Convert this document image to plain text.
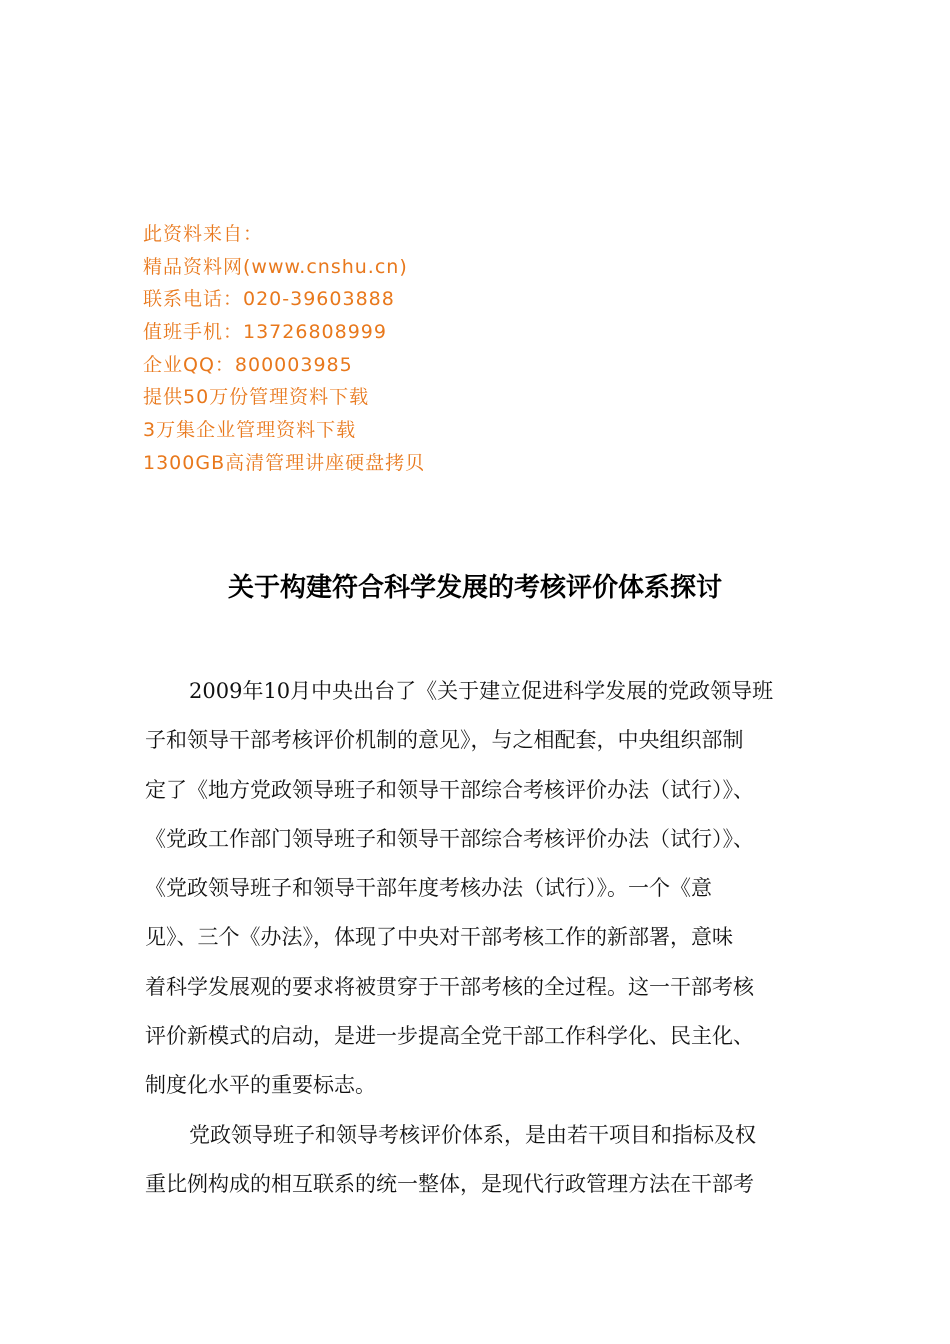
此资料来自：
精品资料网(www.cnshu.cn)
联系电话：020-39603888
值班手机：13726808999
企业QQ：800003985
提供50万份管理资料下载
3万集企业管理资料下载
1300GB高清管理讲座硬盘拷贝
关于构建符合科学发展的考核评价体系探讨

2009年10月中央出台了《关于建立促进科学发展的党政领导班
子和领导干部考核评价机制的意见》，与之相配套，中央组织部制
定了《地方党政领导班子和领导干部综合考核评价办法（试行）》、
《党政工作部门领导班子和领导干部综合考核评价办法（试行）》、
《党政领导班子和领导干部年度考核办法（试行）》。一个《意
见》、三个《办法》，体现了中央对干部考核工作的新部署，意味
着科学发展观的要求将被贯穿于干部考核的全过程。这一干部考核
评价新模式的启动，是进一步提高全党干部工作科学化、民主化、
制度化水平的重要标志。

党政领导班子和领导考核评价体系，是由若干项目和指标及权
重比例构成的相互联系的统一整体，是现代行政管理方法在干部考
